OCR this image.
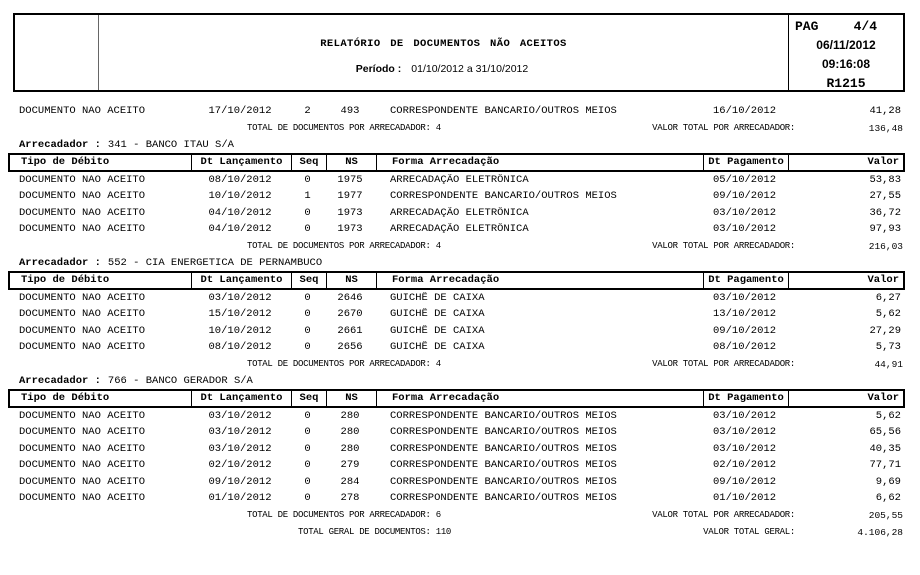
RELATÓRIO DE DOCUMENTOS NÃO ACEITOS
Período : 01/10/2012 a 31/10/2012
PAG	4/4
06/11/2012
09:16:08
R1215
DOCUMENTO NAO ACEITO	17/10/2012	2	493	CORRESPONDENTE BANCARIO/OUTROS MEIOS	16/10/2012	41,28
TOTAL DE DOCUMENTOS POR ARRECADADOR: 4	VALOR TOTAL POR ARRECADADOR:	136,48
Arrecadador : 341 - BANCO ITAU S/A
Tipo de Débito	Dt Lançamento	Seq	NS	Forma Arrecadação	Dt Pagamento	Valor
DOCUMENTO NAO ACEITO	08/10/2012	0	1975	ARRECADAÇÃO ELETRÔNICA	05/10/2012	53,83
DOCUMENTO NAO ACEITO	10/10/2012	1	1977	CORRESPONDENTE BANCARIO/OUTROS MEIOS	09/10/2012	27,55
DOCUMENTO NAO ACEITO	04/10/2012	0	1973	ARRECADAÇÃO ELETRÔNICA	03/10/2012	36,72
DOCUMENTO NAO ACEITO	04/10/2012	0	1973	ARRECADAÇÃO ELETRÔNICA	03/10/2012	97,93
TOTAL DE DOCUMENTOS POR ARRECADADOR: 4	VALOR TOTAL POR ARRECADADOR:	216,03
Arrecadador : 552 - CIA ENERGETICA DE PERNAMBUCO
Tipo de Débito	Dt Lançamento	Seq	NS	Forma Arrecadação	Dt Pagamento	Valor
DOCUMENTO NAO ACEITO	03/10/2012	0	2646	GUICHÊ DE CAIXA	03/10/2012	6,27
DOCUMENTO NAO ACEITO	15/10/2012	0	2670	GUICHÊ DE CAIXA	13/10/2012	5,62
DOCUMENTO NAO ACEITO	10/10/2012	0	2661	GUICHÊ DE CAIXA	09/10/2012	27,29
DOCUMENTO NAO ACEITO	08/10/2012	0	2656	GUICHÊ DE CAIXA	08/10/2012	5,73
TOTAL DE DOCUMENTOS POR ARRECADADOR: 4	VALOR TOTAL POR ARRECADADOR:	44,91
Arrecadador : 766 - BANCO GERADOR S/A
Tipo de Débito	Dt Lançamento	Seq	NS	Forma Arrecadação	Dt Pagamento	Valor
DOCUMENTO NAO ACEITO	03/10/2012	0	280	CORRESPONDENTE BANCARIO/OUTROS MEIOS	03/10/2012	5,62
DOCUMENTO NAO ACEITO	03/10/2012	0	280	CORRESPONDENTE BANCARIO/OUTROS MEIOS	03/10/2012	65,56
DOCUMENTO NAO ACEITO	03/10/2012	0	280	CORRESPONDENTE BANCARIO/OUTROS MEIOS	03/10/2012	40,35
DOCUMENTO NAO ACEITO	02/10/2012	0	279	CORRESPONDENTE BANCARIO/OUTROS MEIOS	02/10/2012	77,71
DOCUMENTO NAO ACEITO	09/10/2012	0	284	CORRESPONDENTE BANCARIO/OUTROS MEIOS	09/10/2012	9,69
DOCUMENTO NAO ACEITO	01/10/2012	0	278	CORRESPONDENTE BANCARIO/OUTROS MEIOS	01/10/2012	6,62
TOTAL DE DOCUMENTOS POR ARRECADADOR: 6	VALOR TOTAL POR ARRECADADOR:	205,55
TOTAL GERAL DE DOCUMENTOS: 110	VALOR TOTAL GERAL:	4.106,28
